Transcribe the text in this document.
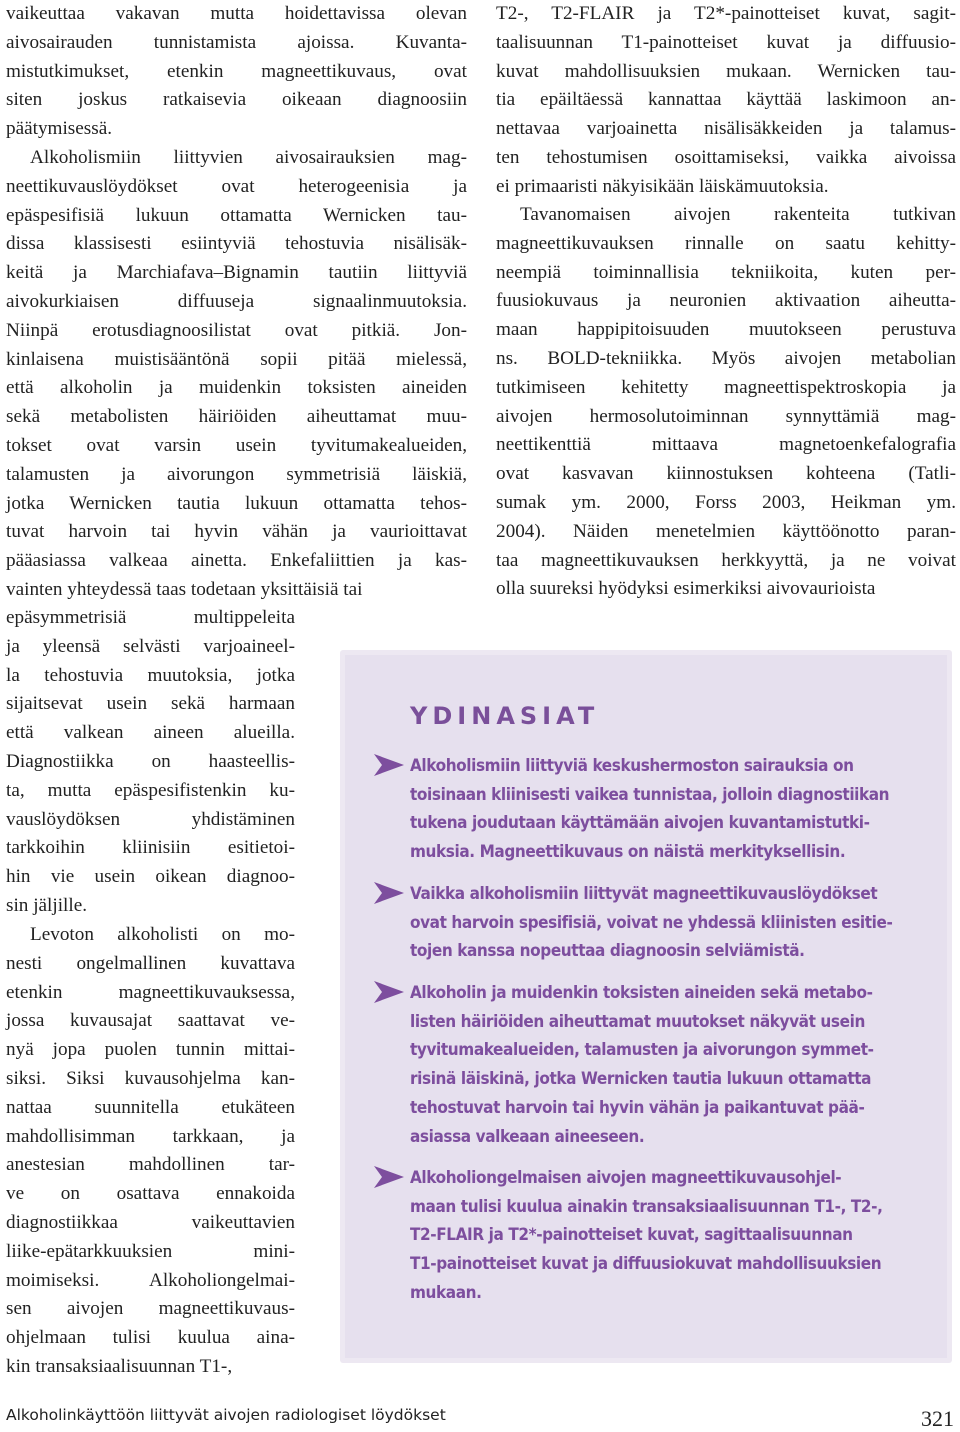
vaikeuttaa vakavan mutta hoidettavissa olevan
aivosairauden tunnistamista ajoissa. Kuvanta-
mistutkimukset, etenkin magneettikuvaus, ovat
siten joskus ratkaisevia oikeaan diagnoosiin
päätymisessä.
Alkoholismiin liittyvien aivosairauksien mag-
neettikuvauslöydökset ovat heterogeenisia ja
epäspesifisiä lukuun ottamatta Wernicken tau-
dissa klassisesti esiintyviä tehostuvia nisälisäk-
keitä ja Marchiafava–Bignamin tautiin liittyviä
aivokurkiaisen diffuuseja signaalinmuutoksia.
Niinpä erotusdiagnoosilistat ovat pitkiä. Jon-
kinlaisena muistisääntönä sopii pitää mielessä,
että alkoholin ja muidenkin toksisten aineiden
sekä metabolisten häiriöiden aiheuttamat muu-
tokset ovat varsin usein tyvitumakealueiden,
talamusten ja aivorungon symmetrisiä läiskiä,
jotka Wernicken tautia lukuun ottamatta tehos-
tuvat harvoin tai hyvin vähän ja vaurioittavat
pääasiassa valkeaa ainetta. Enkefaliittien ja kas-
vainten yhteydessä taas todetaan yksittäisiä tai
epäsymmetrisiä multippeleita
ja yleensä selvästi varjoaineel-
la tehostuvia muutoksia, jotka
sijaitsevat usein sekä harmaan
että valkean aineen alueilla.
Diagnostiikka on haasteellis-
ta, mutta epäspesifistenkin ku-
vauslöydöksen yhdistäminen
tarkkoihin kliinisiin esitietoi-
hin vie usein oikean diagnoo-
sin jäljille.
Levoton alkoholisti on mo-
nesti ongelmallinen kuvattava
etenkin magneettikuvauksessa,
jossa kuvausajat saattavat ve-
nyä jopa puolen tunnin mittai-
siksi. Siksi kuvausohjelma kan-
nattaa suunnitella etukäteen
mahdollisimman tarkkaan, ja
anestesian mahdollinen tar-
ve on osattava ennakoida
diagnostiikkaa vaikeuttavien
liike-epätarkkuuksien mini-
moimiseksi. Alkoholiongelmai-
sen aivojen magneettikuvaus-
ohjelmaan tulisi kuulua aina-
kin transaksiaalisuunnan T1-,
T2-, T2-FLAIR ja T2*-painotteiset kuvat, sagit-
taalisuunnan T1-painotteiset kuvat ja diffuusio-
kuvat mahdollisuuksien mukaan. Wernicken tau-
tia epäiltäessä kannattaa käyttää laskimoon an-
nettavaa varjoainetta nisälisäkkeiden ja talamus-
ten tehostumisen osoittamiseksi, vaikka aivoissa
ei primaaristi näkyisikään läiskämuutoksia.
Tavanomaisen aivojen rakenteita tutkivan
magneettikuvauksen rinnalle on saatu kehitty-
neempiä toiminnallisia tekniikoita, kuten per-
fuusiokuvaus ja neuronien aktivaation aiheutta-
maan happipitoisuuden muutokseen perustuva
ns. BOLD-tekniikka. Myös aivojen metabolian
tutkimiseen kehitetty magneettispektroskopia ja
aivojen hermosolutoiminnan synnyttämiä mag-
neettikenttiä mittaava magnetoenkefalografia
ovat kasvavan kiinnostuksen kohteena (Tatli-
sumak ym. 2000, Forss 2003, Heikman ym.
2004). Näiden menetelmien käyttöönotto paran-
taa magneettikuvauksen herkkyyttä, ja ne voivat
olla suureksi hyödyksi esimerkiksi aivovaurioista
YDINASIAT
Alkoholismiin liittyviä keskushermoston sairauksia on
toisinaan kliinisesti vaikea tunnistaa, jolloin diagnostiikan
tukena joudutaan käyttämään aivojen kuvantamistutki-
muksia. Magneettikuvaus on näistä merkityksellisin.
Vaikka alkoholismiin liittyvät magneettikuvauslöydökset
ovat harvoin spesifisiä, voivat ne yhdessä kliinisten esitie-
tojen kanssa nopeuttaa diagnoosin selviämistä.
Alkoholin ja muidenkin toksisten aineiden sekä metabo-
listen häiriöiden aiheuttamat muutokset näkyvät usein
tyvitumakealueiden, talamusten ja aivorungon symmet-
risinä läiskinä, jotka Wernicken tautia lukuun ottamatta
tehostuvat harvoin tai hyvin vähän ja paikantuvat pää-
asiassa valkeaan aineeseen.
Alkoholiongelmaisen aivojen magneettikuvausohjel-
maan tulisi kuulua ainakin transaksiaalisuunnan T1-, T2-,
T2-FLAIR ja T2*-painotteiset kuvat, sagittaalisuunnan
T1-painotteiset kuvat ja diffuusiokuvat mahdollisuuksien
mukaan.

Alkoholinkäyttöön liittyvät aivojen radiologiset löydökset	321
